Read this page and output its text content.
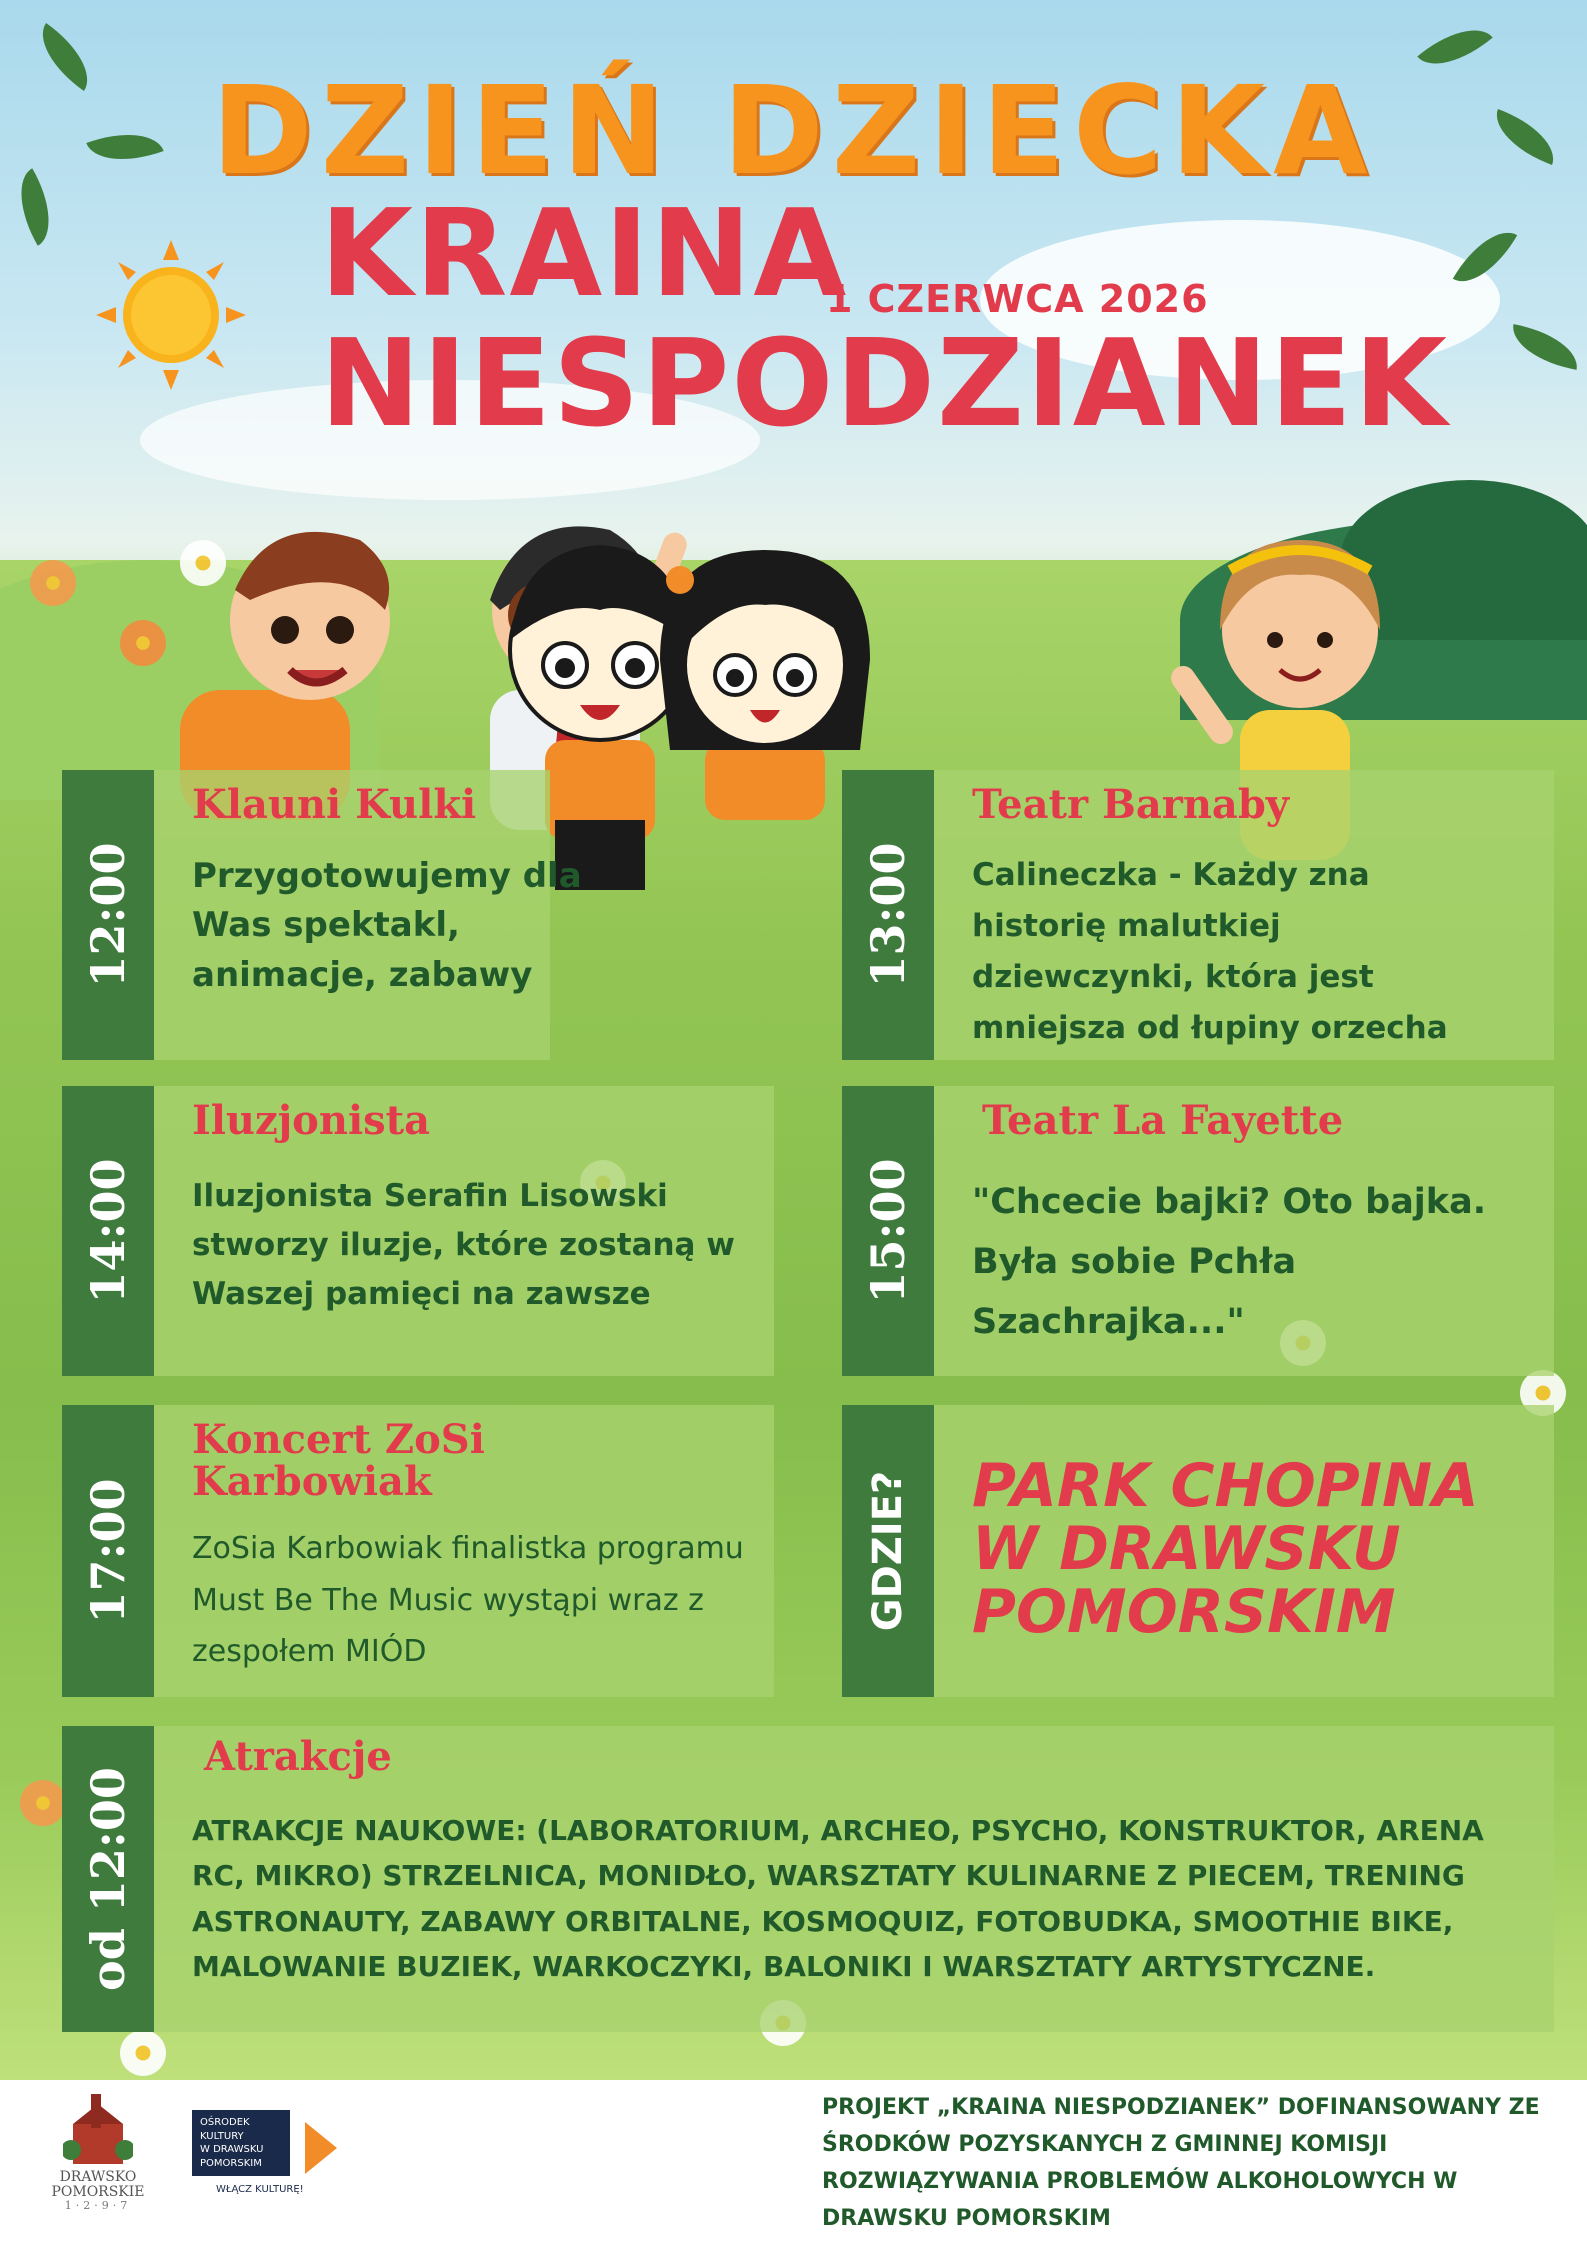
DZIEŃ DZIECKA
KRAINA
1 CZERWCA 2026
NIESPODZIANEK
12:00
Klauni Kulki
Przygotowujemy dla Was spektakl, animacje, zabawy	13:00
Teatr Barnaby
Calineczka - Każdy zna historię malutkiej dziewczynki, która jest mniejsza od łupiny orzecha
14:00
Iluzjonista
Iluzjonista Serafin Lisowski stworzy iluzje, które zostaną w Waszej pamięci na zawsze	15:00
Teatr La Fayette
"Chcecie bajki? Oto bajka. Była sobie Pchła Szachrajka..."
17:00
Koncert ZoSi Karbowiak
ZoSia Karbowiak finalistka programu Must Be The Music wystąpi wraz z zespołem MIÓD
GDZIE? PARK CHOPINA W DRAWSKU POMORSKIM
od 12:00
Atrakcje
ATRAKCJE NAUKOWE: (LABORATORIUM, ARCHEO, PSYCHO, KONSTRUKTOR, ARENA RC, MIKRO) STRZELNICA, MONIDŁO, WARSZTATY KULINARNE Z PIECEM, TRENING ASTRONAUTY, ZABAWY ORBITALNE, KOSMOQUIZ, FOTOBUDKA, SMOOTHIE BIKE, MALOWANIE BUZIEK, WARKOCZYKI, BALONIKI I WARSZTATY ARTYSTYCZNE.
DRAWSKO POMORSKIE
1·2·9·7
OŚRODEK
KULTURY
W DRAWSKU
POMORSKIM

WŁĄCZ KULTURĘ!
PROJEKT „KRAINA NIESPODZIANEK” DOFINANSOWANY ZE ŚRODKÓW POZYSKANYCH Z GMINNEJ KOMISJI ROZWIĄZYWANIA PROBLEMÓW ALKOHOLOWYCH W DRAWSKU POMORSKIM
